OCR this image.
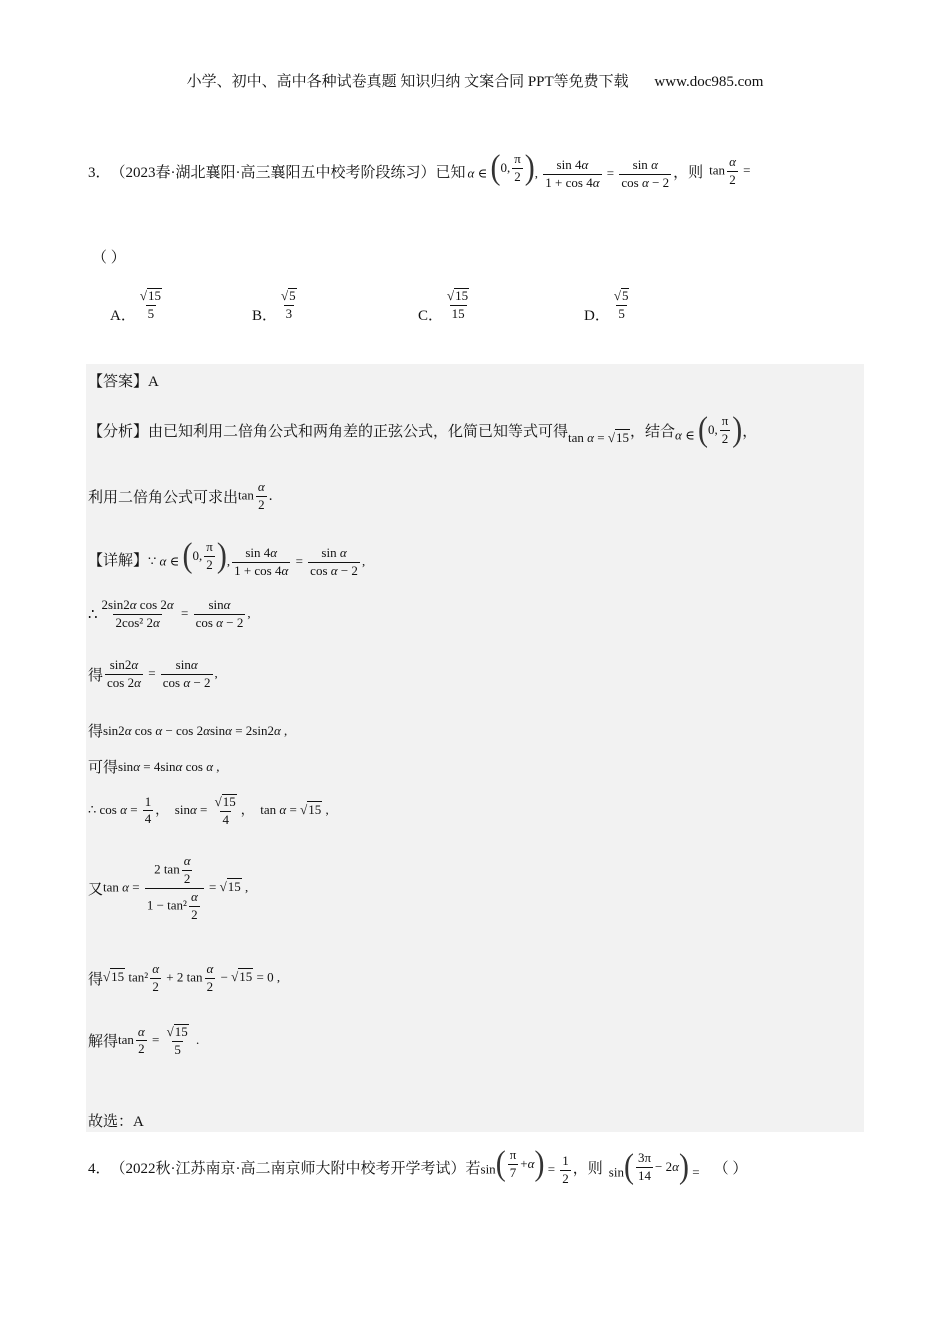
小学、初中、高中各种试卷真题 知识归纳 文案合同 PPT等免费下载 www.doc985.com
3． （2023春·湖北襄阳·高三襄阳五中校考阶段练习）已知 α ∈ ( 0, $\frac{\pi}{2}$ ) , $\frac{\sin 4\alpha}{1 + \cos 4\alpha} = \frac{\text{sin α}}{\text{cos α − 2}}$ ，则 $\tan \frac{\alpha}{2}$ =
（ ）
A． $\frac{√ 15}{5}$	B． $\frac{√ 5}{3}$	C． $\frac{√ 15}{15}$	D． $\frac{√ 5}{5}$
【答案】A
【分析】 由已知利用二倍角公式和两角差的正弦公式，化简已知等式可得 tan α = √ 15 ，结合 α ∈ ( 0, $\frac{\pi}{2}$ ) ，
利用二倍角公式可求出 $\tan \frac{\alpha}{2}$ .
【详解】 ∵ α ∈ ( 0, $\frac{\pi}{2}$ ) , $\frac{\sin 4\alpha}{1 + \cos 4\alpha} = \frac{\text{sin α}}{\text{cos α − 2}}$ ,
∴ $\frac{\text{2sin2α cos 2α}}{\text{2cos² 2α}} = \frac{\sin\alpha}{\text{cos α − 2}}$ ,
得 $\frac{\sin 2\alpha}{\cos 2\alpha} = \frac{\sin\alpha}{\text{cos α − 2}}$ ,
得 sin2α cos α − cos 2αsinα = 2sin2α ,
可得 sinα = 4sinα cos α ,
∴ $\cos \alpha = \frac{1}{4}$ ，  $\sin\alpha = \frac{√ 15}{4}$ ，  tan α = √ 15 ,
又 $\tan \alpha = \frac{2 \tan \frac{\alpha}{2}}{1 - \tan^2 \frac{\alpha}{2}}$ = √ 15 ,
得 √ 15 $\tan^2 \frac{\alpha}{2} + 2$ $\tan \frac{\alpha}{2}$ − √ 15 = 0 ,
解得 $\tan \frac{\alpha}{2} = \frac{√ 15}{5}$ .
故选：A
4． （2022秋·江苏南京·高二南京师大附中校考开学考试）若 sin ( $\frac{\pi}{7} + \alpha$ ) = $\frac{1}{2}$ ，则 sin ( $\frac{3\pi}{14} - 2$ α ) = （ ）
